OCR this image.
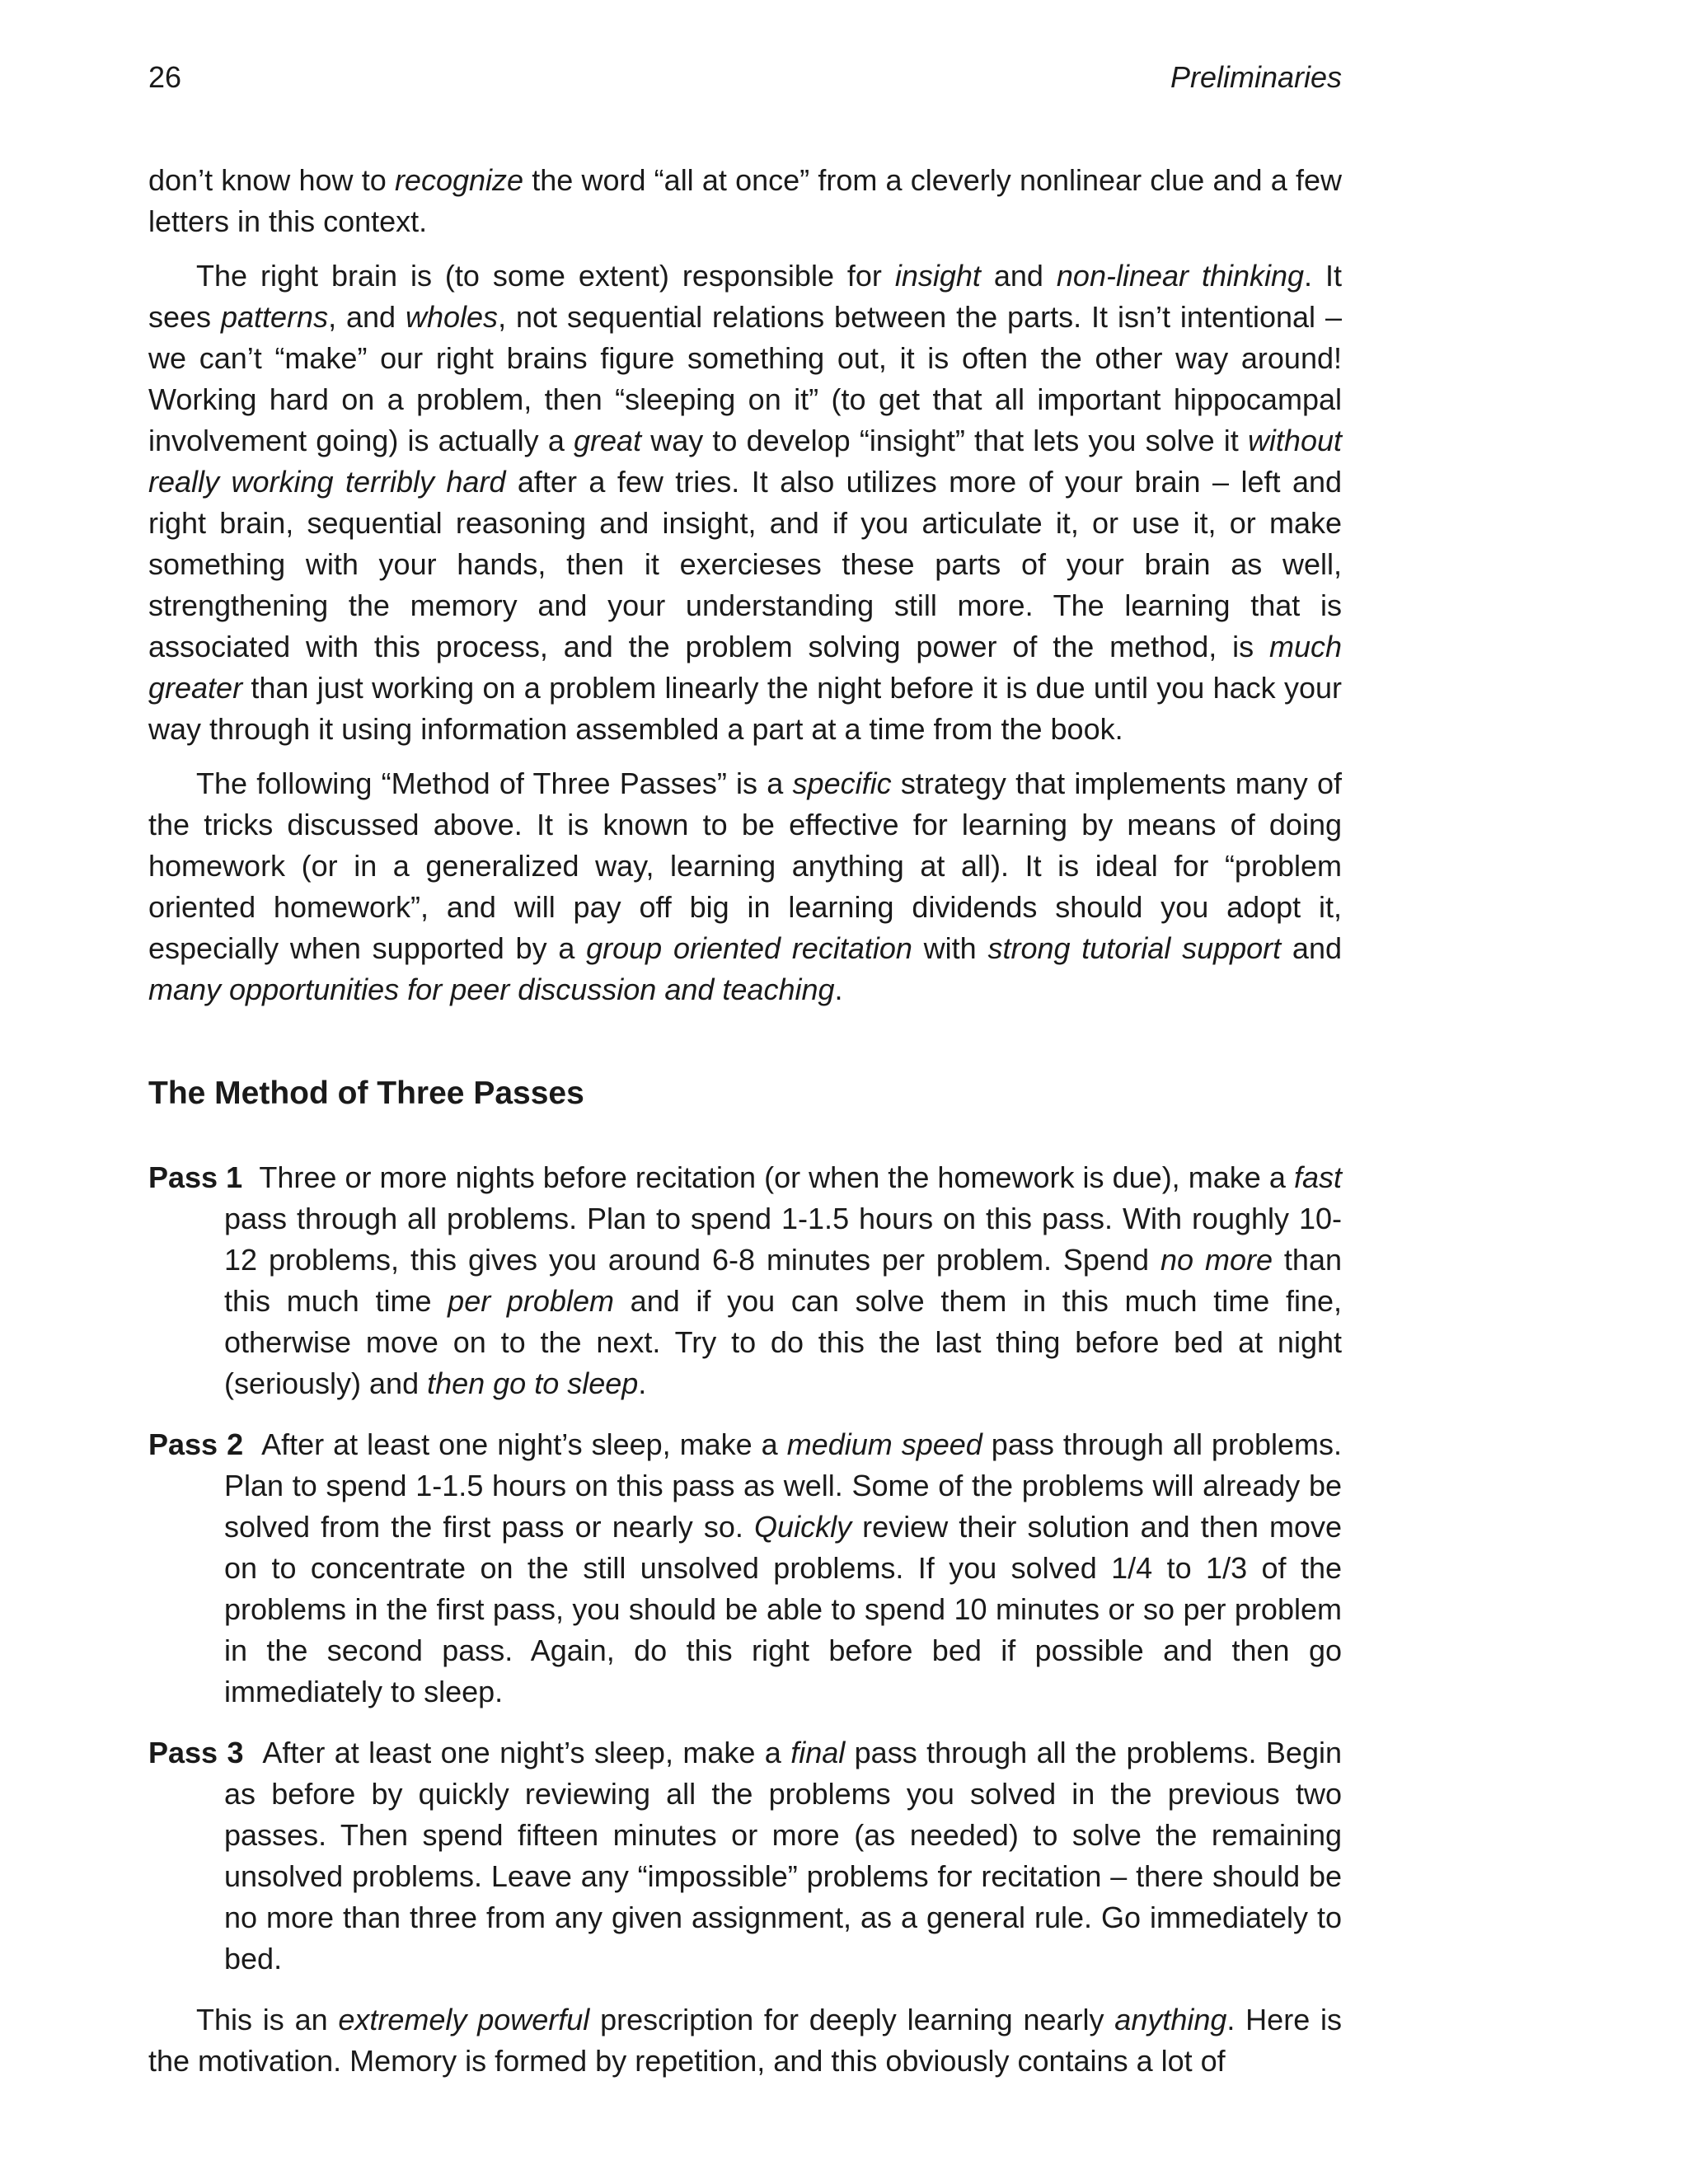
26	Preliminaries

don’t know how to recognize the word “all at once” from a cleverly nonlinear clue and a few letters in this context.

The right brain is (to some extent) responsible for insight and non-linear thinking. It sees patterns, and wholes, not sequential relations between the parts. It isn’t intentional – we can’t “make” our right brains figure something out, it is often the other way around! Working hard on a problem, then “sleeping on it” (to get that all important hippocampal involvement going) is actually a great way to develop “insight” that lets you solve it without really working terribly hard after a few tries. It also utilizes more of your brain – left and right brain, sequential reasoning and insight, and if you articulate it, or use it, or make something with your hands, then it exercieses these parts of your brain as well, strengthening the memory and your understanding still more. The learning that is associated with this process, and the problem solving power of the method, is much greater than just working on a problem linearly the night before it is due until you hack your way through it using information assembled a part at a time from the book.

The following “Method of Three Passes” is a specific strategy that implements many of the tricks discussed above. It is known to be effective for learning by means of doing homework (or in a generalized way, learning anything at all). It is ideal for “problem oriented homework”, and will pay off big in learning dividends should you adopt it, especially when supported by a group oriented recitation with strong tutorial support and many opportunities for peer discussion and teaching.

The Method of Three Passes
Pass 1 Three or more nights before recitation (or when the homework is due), make a fast pass through all problems. Plan to spend 1-1.5 hours on this pass. With roughly 10-12 problems, this gives you around 6-8 minutes per problem. Spend no more than this much time per problem and if you can solve them in this much time fine, otherwise move on to the next. Try to do this the last thing before bed at night (seriously) and then go to sleep.
Pass 2 After at least one night’s sleep, make a medium speed pass through all problems. Plan to spend 1-1.5 hours on this pass as well. Some of the problems will already be solved from the first pass or nearly so. Quickly review their solution and then move on to concentrate on the still unsolved problems. If you solved 1/4 to 1/3 of the problems in the first pass, you should be able to spend 10 minutes or so per problem in the second pass. Again, do this right before bed if possible and then go immediately to sleep.
Pass 3 After at least one night’s sleep, make a final pass through all the problems. Begin as before by quickly reviewing all the problems you solved in the previous two passes. Then spend fifteen minutes or more (as needed) to solve the remaining unsolved problems. Leave any “impossible” problems for recitation – there should be no more than three from any given assignment, as a general rule. Go immediately to bed.

This is an extremely powerful prescription for deeply learning nearly anything. Here is the motivation. Memory is formed by repetition, and this obviously contains a lot of
